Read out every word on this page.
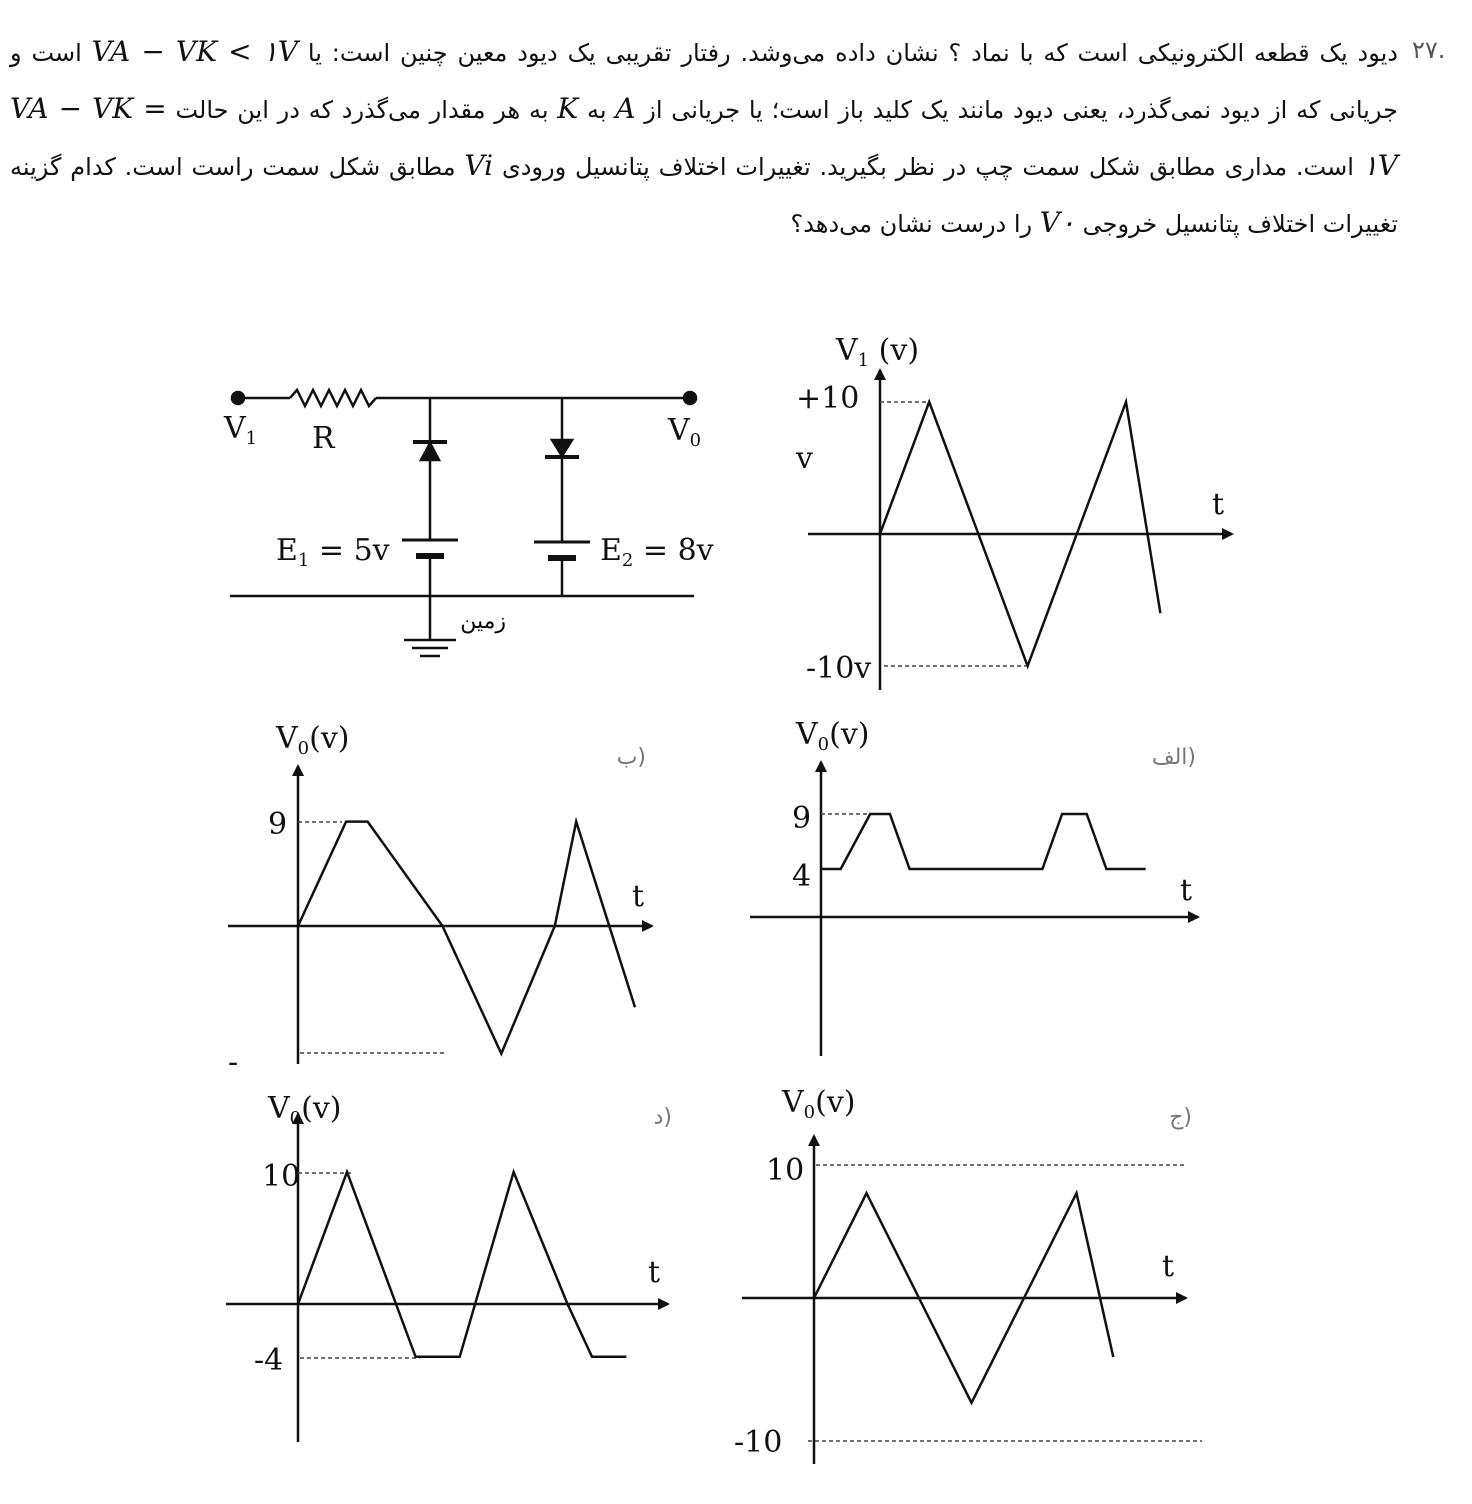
۲۷.
دیود یک قطعه الکترونیکی است که با نماد ؟ نشان داده می‌وشد. رفتار تقریبی یک دیود معین چنین است: یا VA − VK < ۱V است و جریانی که از دیود نمی‌گذرد، یعنی دیود مانند یک کلید باز است؛ یا جریانی از A به K به هر مقدار می‌گذرد که در این حالت VA − VK = ۱V است. مداری مطابق شکل سمت چپ در نظر بگیرید. تغییرات اختلاف پتانسیل ورودی Vi مطابق شکل سمت راست است. کدام گزینه تغییرات اختلاف پتانسیل خروجی V۰ را درست نشان می‌دهد؟
$V_1$ R	$V_0$
$E_1 = 5v$	$E_2 = 8v$
زمین
$V_1$ (v)
t
+10
v
-10v
الف)
$V_0(v)$
t
9
4
ب)
$V_0(v)$
t
9
-
ج)
$V_0(v)$
t
10
-10
د)
$V_0(v)$
t
10
-4
